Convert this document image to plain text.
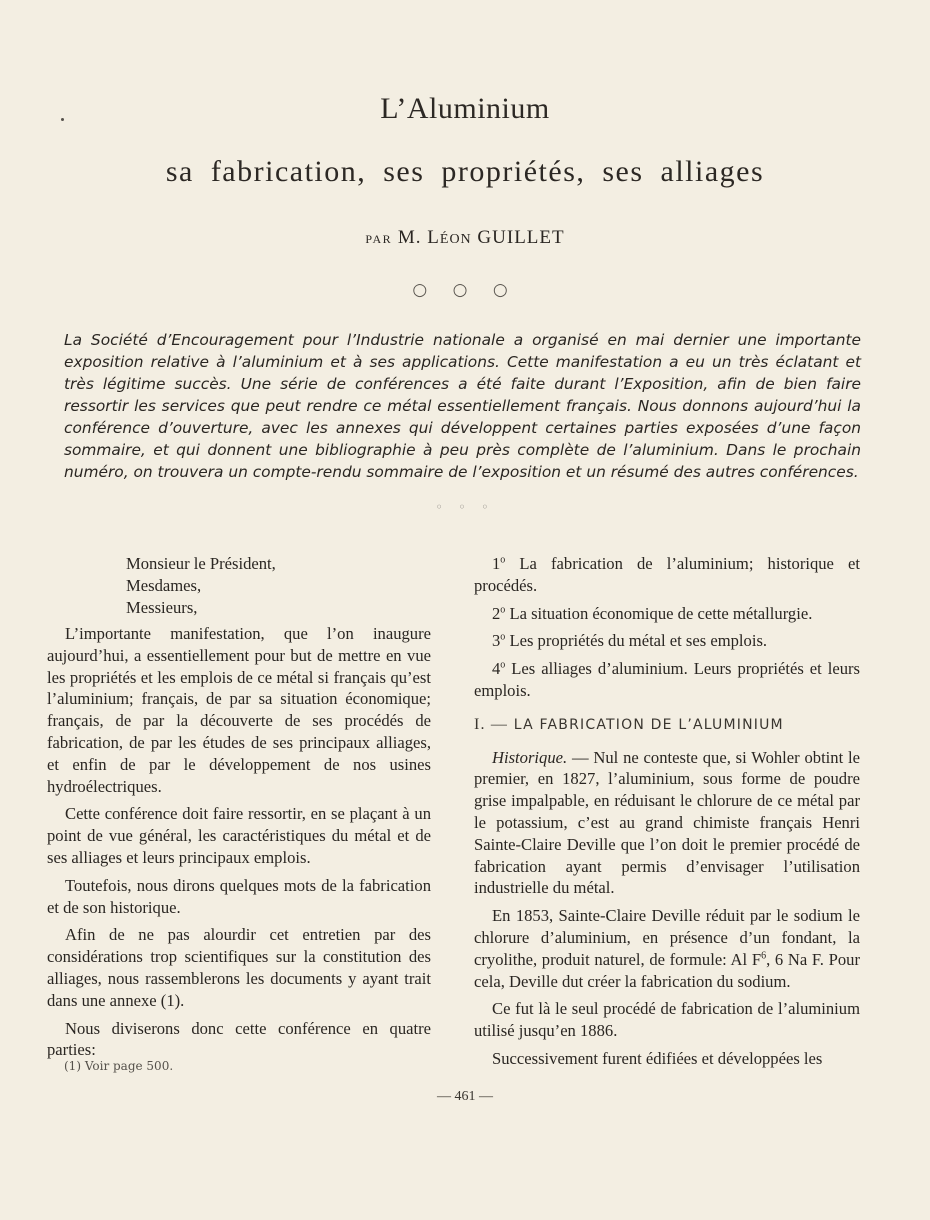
L’Aluminium
sa fabrication, ses propriétés, ses alliages
PAR M. LÉON GUILLET
○ ○ ○
La Société d’Encouragement pour l’Industrie nationale a organisé en mai dernier une importante exposition relative à l’aluminium et à ses applications. Cette manifestation a eu un très éclatant et très légitime succès. Une série de conférences a été faite durant l’Exposition, afin de bien faire ressortir les services que peut rendre ce métal essentiellement français. Nous donnons aujourd’hui la conférence d’ouverture, avec les annexes qui développent certaines parties exposées d’une façon sommaire, et qui donnent une bibliographie à peu près complète de l’aluminium. Dans le prochain numéro, on trouvera un compte-rendu sommaire de l’exposition et un résumé des autres conférences.
◦ ◦ ◦
Monsieur le Président,
Mesdames,
Messieurs,

L’importante manifestation, que l’on inaugure aujourd’hui, a essentiellement pour but de mettre en vue les propriétés et les emplois de ce métal si français qu’est l’aluminium; français, de par sa situation économique; français, de par la découverte de ses procédés de fabrication, de par les études de ses principaux alliages, et enfin de par le développement de nos usines hydroélectriques.

Cette conférence doit faire ressortir, en se plaçant à un point de vue général, les caractéristiques du métal et de ses alliages et leurs principaux emplois.

Toutefois, nous dirons quelques mots de la fabrication et de son historique.

Afin de ne pas alourdir cet entretien par des considérations trop scientifiques sur la constitution des alliages, nous rassemblerons les documents y ayant trait dans une annexe (1).

Nous diviserons donc cette conférence en quatre parties:

(1) Voir page 500.

1$^o$ La fabrication de l’aluminium; historique et procédés.

2$^o$ La situation économique de cette métallurgie.

3$^o$ Les propriétés du métal et ses emplois.

4$^o$ Les alliages d’aluminium. Leurs propriétés et leurs emplois.

I. — LA FABRICATION DE L’ALUMINIUM

Historique. — Nul ne conteste que, si Wohler obtint le premier, en 1827, l’aluminium, sous forme de poudre grise impalpable, en réduisant le chlorure de ce métal par le potassium, c’est au grand chimiste français Henri Sainte-Claire Deville que l’on doit le premier procédé de fabrication ayant permis d’envisager l’utilisation industrielle du métal.

En 1853, Sainte-Claire Deville réduit par le sodium le chlorure d’aluminium, en présence d’un fondant, la cryolithe, produit naturel, de formule: Al $F^6$, 6 Na F. Pour cela, Deville dut créer la fabrication du sodium.

Ce fut là le seul procédé de fabrication de l’aluminium utilisé jusqu’en 1886.

Successivement furent édifiées et développées les

— 461 —
